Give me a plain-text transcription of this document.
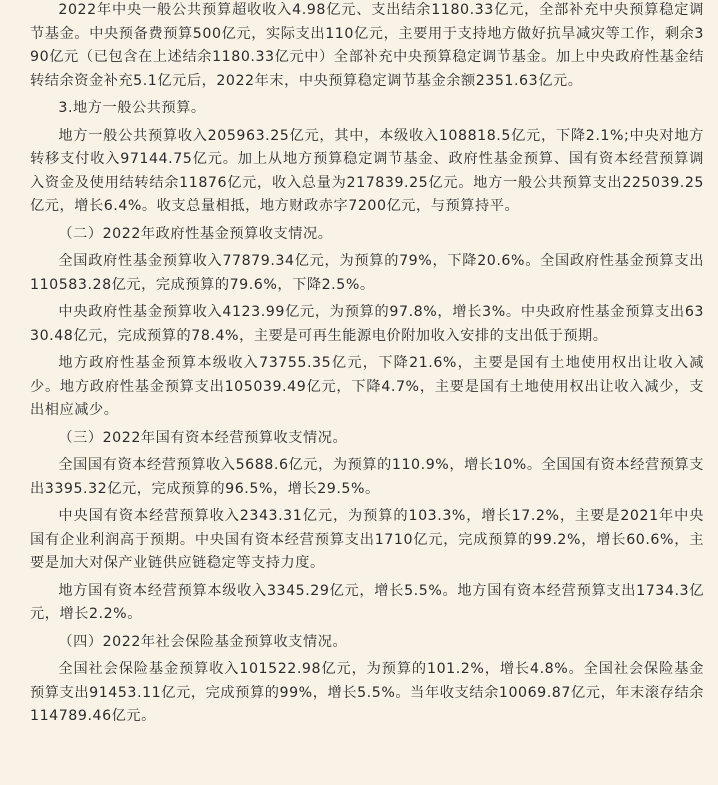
2022年中央一般公共预算超收收入4.98亿元、支出结余1180.33亿元，全部补充中央预算稳定调节基金。中央预备费预算500亿元，实际支出110亿元，主要用于支持地方做好抗旱减灾等工作，剩余390亿元（已包含在上述结余1180.33亿元中）全部补充中央预算稳定调节基金。加上中央政府性基金结转结余资金补充5.1亿元后，2022年末，中央预算稳定调节基金余额2351.63亿元。

3.地方一般公共预算。

地方一般公共预算收入205963.25亿元，其中，本级收入108818.5亿元，下降2.1%;中央对地方转移支付收入97144.75亿元。加上从地方预算稳定调节基金、政府性基金预算、国有资本经营预算调入资金及使用结转结余11876亿元，收入总量为217839.25亿元。地方一般公共预算支出225039.25亿元，增长6.4%。收支总量相抵，地方财政赤字7200亿元，与预算持平。

（二）2022年政府性基金预算收支情况。

全国政府性基金预算收入77879.34亿元，为预算的79%，下降20.6%。全国政府性基金预算支出110583.28亿元，完成预算的79.6%，下降2.5%。

中央政府性基金预算收入4123.99亿元，为预算的97.8%，增长3%。中央政府性基金预算支出6330.48亿元，完成预算的78.4%，主要是可再生能源电价附加收入安排的支出低于预期。

地方政府性基金预算本级收入73755.35亿元，下降21.6%，主要是国有土地使用权出让收入减少。地方政府性基金预算支出105039.49亿元，下降4.7%，主要是国有土地使用权出让收入减少，支出相应减少。

（三）2022年国有资本经营预算收支情况。

全国国有资本经营预算收入5688.6亿元，为预算的110.9%，增长10%。全国国有资本经营预算支出3395.32亿元，完成预算的96.5%，增长29.5%。

中央国有资本经营预算收入2343.31亿元，为预算的103.3%，增长17.2%，主要是2021年中央国有企业利润高于预期。中央国有资本经营预算支出1710亿元，完成预算的99.2%，增长60.6%，主要是加大对保产业链供应链稳定等支持力度。

地方国有资本经营预算本级收入3345.29亿元，增长5.5%。地方国有资本经营预算支出1734.3亿元，增长2.2%。

（四）2022年社会保险基金预算收支情况。

全国社会保险基金预算收入101522.98亿元，为预算的101.2%，增长4.8%。全国社会保险基金预算支出91453.11亿元，完成预算的99%，增长5.5%。当年收支结余10069.87亿元，年末滚存结余114789.46亿元。
